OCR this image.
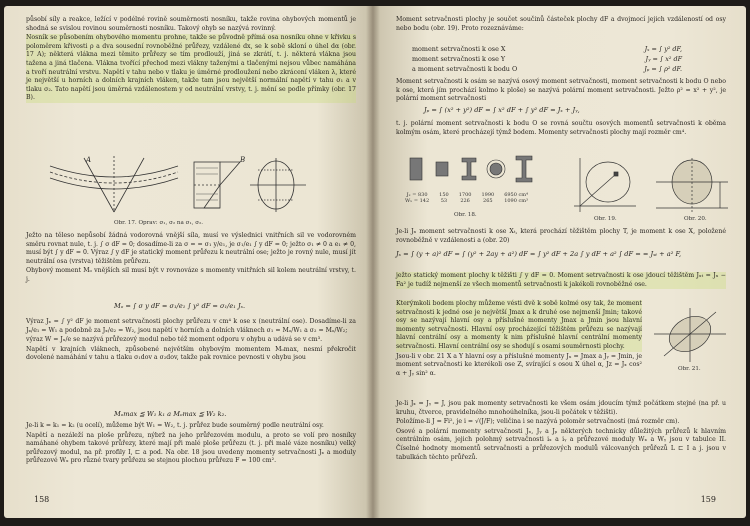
působí síly a reakce, ležící v podélné rovině souměrnosti nosníku, takže rovina ohybových momentů je shodná se svislou rovinou souměrnosti nosníku. Takový ohyb se nazývá rovinný.

Nosník se působením ohybového momentu prohne, takže se původně přímá osa nosníku ohne v křivku s poloměrem křivosti ρ a dva sousední rovnoběžné průřezy, vzdálené dx, se k sobě skloní o úhel dα (obr. 17 A); některá vlákna mezi těmito průřezy se tím prodlouží, jiná se zkrátí, t. j. některá vlákna jsou tažena a jiná tlačena. Vlákna tvořící přechod mezi vlákny taženými a tlačenými nejsou vůbec namáhána a tvoří neutrální vrstvu. Napětí v tahu nebo v tlaku je úměrné prodloužení nebo zkrácení vláken λ, které je největší u horních a dolních krajních vláken, takže tam jsou největší normální napětí v tahu σ₁ a v tlaku σ₂. Tato napětí jsou úměrná vzdálenostem y od neutrální vrstvy, t. j. mění se podle přímky (obr. 17 B).

A	B
Obr. 17. Oprav: σ₁, σ₂ na σ₁, σ₂.

Ježto na těleso nepůsobí žádná vodorovná vnější síla, musí ve výslednici vnitřních sil ve vodorovném směru rovnat nule, t. j. ∫ σ dF = 0; dosadíme-li za σ = = σ₁ y/e₁, je σ₁/e₁ ∫ y dF = 0; ježto σ₁ ≠ 0 a e₁ ≠ 0, musí být ∫ y dF = 0. Výraz ∫ y dF je statický moment průřezu k neutrální ose; ježto je rovný nule, musí jít neutrální osa (vrstva) těžištěm průřezu.

Ohybový moment Mₒ vnějších sil musí být v rovnováze s momenty vnitřních sil kolem neutrální vrstvy, t. j.

Mₒ = ∫ σ y dF = σ₁/e₁ ∫ y² dF = σ₁/e₁ Jₓ.

Výraz Jₓ = ∫ y² dF je moment setrvačnosti plochy průřezu v cm⁴ k ose x (neutrální ose). Dosadíme-li za Jₓ/e₁ = W₁ a podobně za Jₓ/e₂ = W₂, jsou napětí v horních a dolních vláknech σ₁ = Mₒ/W₁ a σ₂ = Mₒ/W₂;

výraz W = Jₓ/e se nazývá průřezový modul nebo též moment odporu v ohybu a udává se v cm³.

Napětí v krajních vláknech, způsobené největším ohybovým momentem Mₒmax, nesmí překročit dovolené namáhání v tahu a tlaku σ₁dov a σ₂dov, takže pak rovnice pevnosti v ohybu jsou

Mₒmax ≦ W₁ k₁ a Mₒmax ≦ W₂ k₂.

Je-li k = k₁ = k₂ (u ocelí), můžeme být W₁ = W₂, t. j. průřez bude souměrný podle neutrální osy.

Napětí a nezáleží na ploše průřezu, nýbrž na jeho průřezovém modulu, a proto se volí pro nosníky namáhané ohybem takové průřezy, které mají při malé ploše průřezu (t. j. při malé váze nosníku) velký průřezový modul, na př. profily I, ⊏ a pod. Na obr. 18 jsou uvedeny momenty setrvačnosti Jₓ a moduly průřezové Wₓ pro různé tvary průřezu se stejnou plochou průřezu F = 100 cm².

158

Moment setrvačnosti plochy je součet součinů částeček plochy dF a dvojmocí jejich vzdáleností od osy nebo bodu (obr. 19). Proto rozeznáváme:

moment setrvačnosti k ose X	Jₓ = ∫ y² dF,
moment setrvačnosti k ose Y	Jᵧ = ∫ x² dF
a moment setrvačnosti k bodu O	Jₚ = ∫ ρ² dF.

Moment setrvačnosti k osám se nazývá osový moment setrvačnosti, moment setrvačnosti k bodu O nebo k ose, která jím prochází kolmo k ploše) se nazývá polární moment setrvačnosti. Ježto ρ² = x² + y², je polární moment setrvačnosti

Jₚ = ∫ (x² + y²) dF = ∫ x² dF + ∫ y² dF = Jₓ + Jᵧ,

t. j. polární moment setrvačnosti k bodu O se rovná součtu osových momentů setrvačnosti k oběma kolmým osám, které procházejí týmž bodem. Momenty setrvačnosti plochy mají rozměr cm⁴.

Jₓ = 830	150	1700	1990	6950 cm⁴
Wₓ = 142	53	226	265	1090 cm³
Obr. 18.
Obr. 19.	Obr. 20.

Je-li Jₓ moment setrvačnosti k ose Xₜ, která prochází těžištěm plochy T, je moment k ose X, položené rovnoběžně v vzdálenosti a (obr. 20)

Jₓ = ∫ (y + a)² dF = ∫ (y² + 2ay + a²) dF = ∫ y² dF + 2a ∫ y dF + a² ∫ dF = = Jₓₜ + a² F,

ježto statický moment plochy k těžišti ∫ y dF = 0. Moment setrvačnosti k ose jdoucí těžištěm Jₓₜ = Jₓ − Fa² je tudíž nejmenší ze všech momentů setrvačnosti k jakékoli rovnoběžné ose.

Kterýmkoli bodem plochy můžeme vésti dvě k sobě kolmé osy tak, že moment setrvačnosti k jedné ose je největší Jmax a k druhé ose nejmenší Jmin; takové osy se nazývají hlavní osy a příslušné momenty Jmax a Jmin jsou hlavní momenty setrvačnosti. Hlavní osy procházející těžištěm průřezu se nazývají hlavní centrální osy a momenty k nim příslušné hlavní centrální momenty setrvačnosti. Hlavní centrální osy se shodují s osami souměrnosti plochy.

Jsou-li v obr. 21 X a Y hlavní osy a příslušné momenty Jₓ = Jmax a Jᵧ = Jmin, je moment setrvačnosti ke kterékoli ose Z, svírající s osou X úhel α, Jz = Jₓ cos² α + Jᵧ sin² α.

Obr. 21.

Je-li Jₓ = Jᵧ = J, jsou pak momenty setrvačnosti ke všem osám jdoucím týmž počátkem stejné (na př. u kruhu, čtverce, pravidelného mnohoúhelníka, jsou-li počátek v těžišti).

Položíme-li J = Fi², je i = √(J/F); veličina i se nazývá poloměr setrvačnosti (má rozměr cm).

Osové a polární momenty setrvačnosti Jₓ, Jᵧ a Jₚ některých technicky důležitých průřezů k hlavním centrálním osám, jejich polohmý setrvačnosti iₓ a iᵧ a průřezové moduly Wₓ a Wᵧ jsou v tabulce II. Číselné hodnoty momentů setrvačnosti a průřezových modulů válcovaných průřezů L ⊏ I a j. jsou v tabulkách těchto průřezů.

159
